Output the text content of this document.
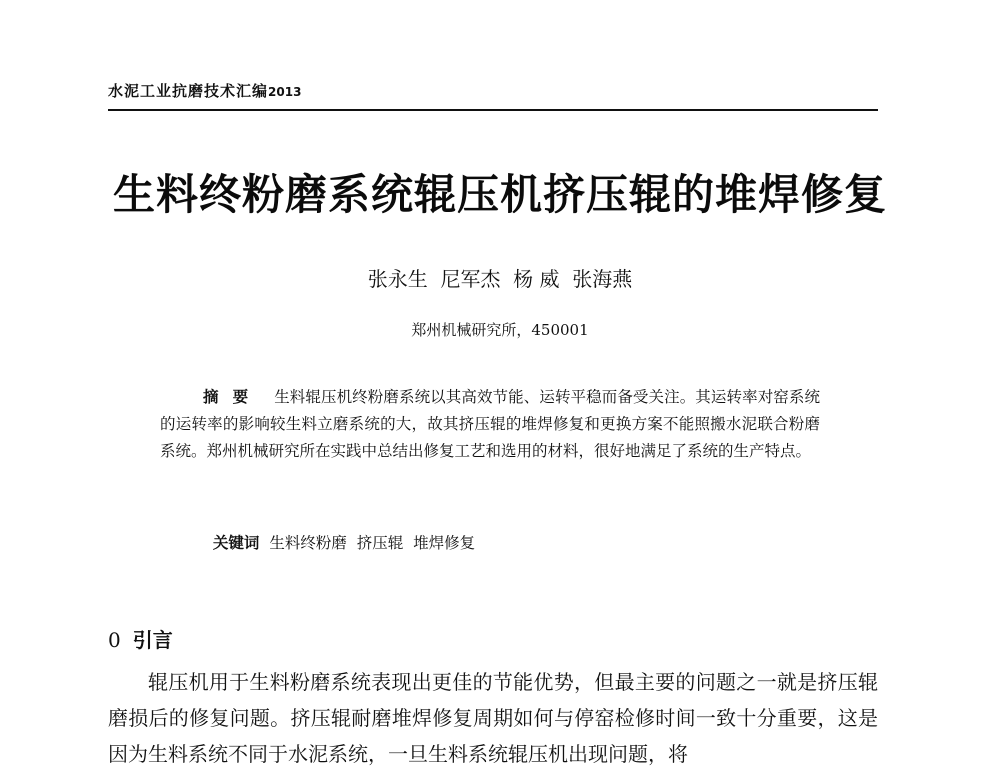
水泥工业抗磨技术汇编2013
生料终粉磨系统辊压机挤压辊的堆焊修复
张永生  尼军杰  杨 威  张海燕
郑州机械研究所，450001
摘要 生料辊压机终粉磨系统以其高效节能、运转平稳而备受关注。其运转率对窑系统的运转率的影响较生料立磨系统的大，故其挤压辊的堆焊修复和更换方案不能照搬水泥联合粉磨系统。郑州机械研究所在实践中总结出修复工艺和选用的材料，很好地满足了系统的生产特点。

关键词 生料终粉磨  挤压辊  堆焊修复

0 引言
辊压机用于生料粉磨系统表现出更佳的节能优势，但最主要的问题之一就是挤压辊磨损后的修复问题。挤压辊耐磨堆焊修复周期如何与停窑检修时间一致十分重要，这是因为生料系统不同于水泥系统，一旦生料系统辊压机出现问题，将
